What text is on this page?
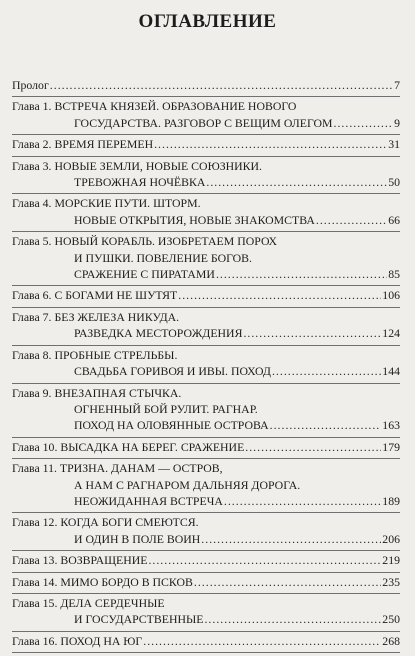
ОГЛАВЛЕНИЕ
Пролог .....	7
Глава 1. ВСТРЕЧА КНЯЗЕЙ. ОБРАЗОВАНИЕ НОВОГО
ГОСУДАРСТВА. РАЗГОВОР С ВЕЩИМ ОЛЕГОМ .....	9
Глава 2. ВРЕМЯ ПЕРЕМЕН .....	31
Глава 3. НОВЫЕ ЗЕМЛИ, НОВЫЕ СОЮЗНИКИ.
ТРЕВОЖНАЯ НОЧЁВКА .....	50
Глава 4. МОРСКИЕ ПУТИ. ШТОРМ.
НОВЫЕ ОТКРЫТИЯ, НОВЫЕ ЗНАКОМСТВА .....	66
Глава 5. НОВЫЙ КОРАБЛЬ. ИЗОБРЕТАЕМ ПОРОХ
И ПУШКИ. ПОВЕЛЕНИЕ БОГОВ.
СРАЖЕНИЕ С ПИРАТАМИ .....	85
Глава 6. С БОГАМИ НЕ ШУТЯТ .....	106
Глава 7. БЕЗ ЖЕЛЕЗА НИКУДА.
РАЗВЕДКА МЕСТОРОЖДЕНИЯ .....	124
Глава 8. ПРОБНЫЕ СТРЕЛЬБЫ.
СВАДЬБА ГОРИВОЯ И ИВЫ. ПОХОД .....	144
Глава 9. ВНЕЗАПНАЯ СТЫЧКА.
ОГНЕННЫЙ БОЙ РУЛИТ. РАГНАР.
ПОХОД НА ОЛОВЯННЫЕ ОСТРОВА .....	163
Глава 10. ВЫСАДКА НА БЕРЕГ. СРАЖЕНИЕ .....	179
Глава 11. ТРИЗНА. ДАНАМ — ОСТРОВ,
А НАМ С РАГНАРОМ ДАЛЬНЯЯ ДОРОГА.
НЕОЖИДАННАЯ ВСТРЕЧА .....	189
Глава 12. КОГДА БОГИ СМЕЮТСЯ.
И ОДИН В ПОЛЕ ВОИН .....	206
Глава 13. ВОЗВРАЩЕНИЕ .....	219
Глава 14. МИМО БОРДО В ПСКОВ .....	235
Глава 15. ДЕЛА СЕРДЕЧНЫЕ
И ГОСУДАРСТВЕННЫЕ .....	250
Глава 16. ПОХОД НА ЮГ .....	268
